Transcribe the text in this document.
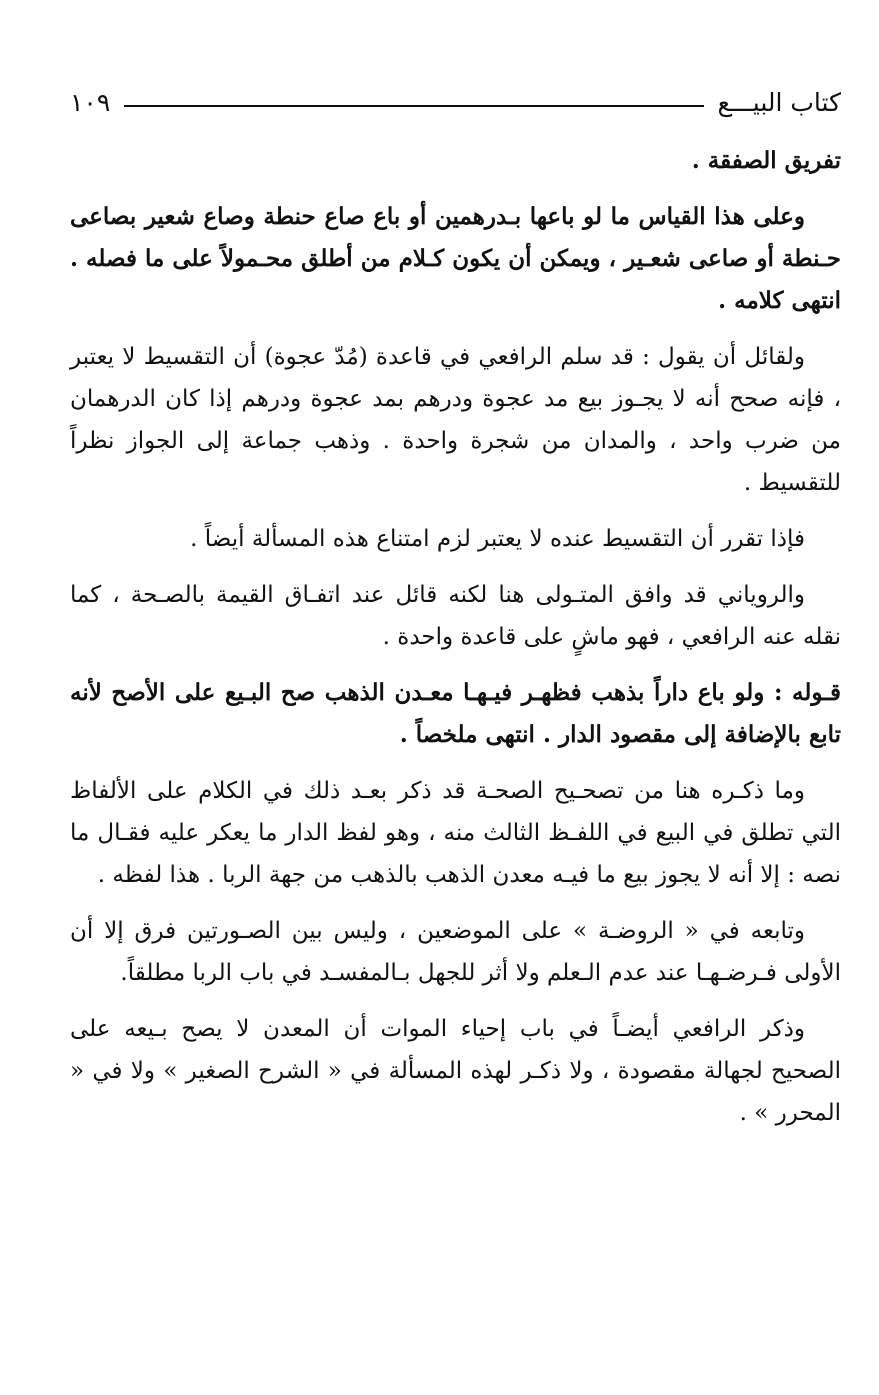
كتاب البيـــع
١٠٩

تفريق الصفقة .

وعلى هذا القياس ما لو باعها بـدرهمين أو باع صاع حنطة وصاع شعير بصاعى حـنطة أو صاعى شعـير ، ويمكن أن يكون كـلام من أطلق محـمولاً على ما فصله . انتهى كلامه .

ولقائل أن يقول : قد سلم الرافعي في قاعدة (مُدّ عجوة) أن التقسيط لا يعتبر ، فإنه صحح أنه لا يجـوز بيع مد عجوة ودرهم بمد عجوة ودرهم إذا كان الدرهمان من ضرب واحد ، والمدان من شجرة واحدة . وذهب جماعة إلى الجواز نظراً للتقسيط .

فإذا تقرر أن التقسيط عنده لا يعتبر لزم امتناع هذه المسألة أيضاً .

والروياني قد وافق المتـولى هنا لكنه قائل عند اتفـاق القيمة بالصـحة ، كما نقله عنه الرافعي ، فهو ماشٍ على قاعدة واحدة .

قـوله : ولو باع داراً بذهب فظهـر فيـهـا معـدن الذهب صح البـيع على الأصح لأنه تابع بالإضافة إلى مقصود الدار . انتهى ملخصاً .

وما ذكـره هنا من تصحـيح الصحـة قد ذكر بعـد ذلك في الكلام على الألفاظ التي تطلق في البيع في اللفـظ الثالث منه ، وهو لفظ الدار ما يعكر عليه فقـال ما نصه : إلا أنه لا يجوز بيع ما فيـه معدن الذهب بالذهب من جهة الربا . هذا لفظه .

وتابعه في « الروضـة » على الموضعين ، وليس بين الصـورتين فرق إلا أن الأولى فـرضـهـا عند عدم الـعلم ولا أثر للجهل بـالمفسـد في باب الربا مطلقاً.

وذكر الرافعي أيضـاً في باب إحياء الموات أن المعدن لا يصح بـيعه على الصحيح لجهالة مقصودة ، ولا ذكـر لهذه المسألة في « الشرح الصغير » ولا في « المحرر » .
